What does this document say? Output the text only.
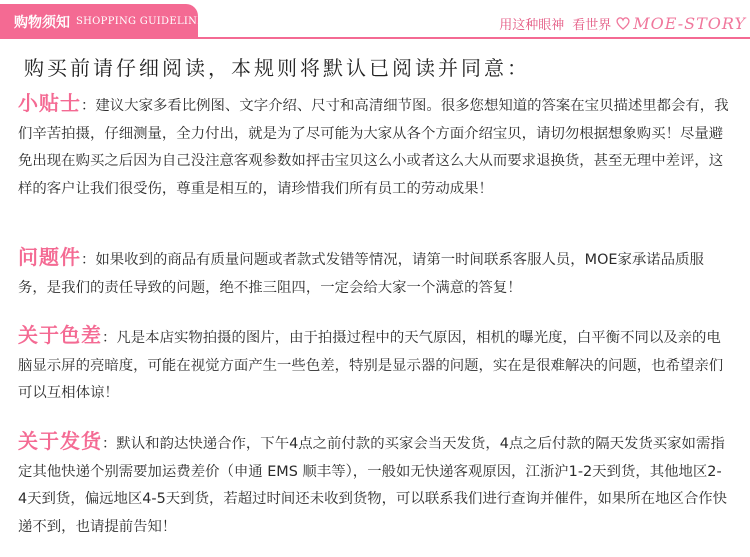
购物须知 SHOPPING GUIDELINES	用这种眼神 看世界 MOE-STORY
购买前请仔细阅读，本规则将默认已阅读并同意：

小贴士：建议大家多看比例图、文字介绍、尺寸和高清细节图。很多您想知道的答案在宝贝描述里都会有，我们辛苦拍摄，仔细测量，全力付出，就是为了尽可能为大家从各个方面介绍宝贝，请切勿根据想象购买！尽量避免出现在购买之后因为自己没注意客观参数如抨击宝贝这么小或者这么大从而要求退换货，甚至无理中差评，这样的客户让我们很受伤，尊重是相互的，请珍惜我们所有员工的劳动成果！

问题件：如果收到的商品有质量问题或者款式发错等情况，请第一时间联系客服人员，MOE家承诺品质服务，是我们的责任导致的问题，绝不推三阻四，一定会给大家一个满意的答复！

关于色差：凡是本店实物拍摄的图片，由于拍摄过程中的天气原因，相机的曝光度，白平衡不同以及亲的电脑显示屏的亮暗度，可能在视觉方面产生一些色差，特别是显示器的问题，实在是很难解决的问题，也希望亲们可以互相体谅！

关于发货：默认和韵达快递合作，下午4点之前付款的买家会当天发货，4点之后付款的隔天发货买家如需指定其他快递个别需要加运费差价（申通 EMS 顺丰等），一般如无快递客观原因，江浙沪1-2天到货，其他地区2-4天到货，偏远地区4-5天到货，若超过时间还未收到货物，可以联系我们进行查询并催件，如果所在地区合作快递不到，也请提前告知！
